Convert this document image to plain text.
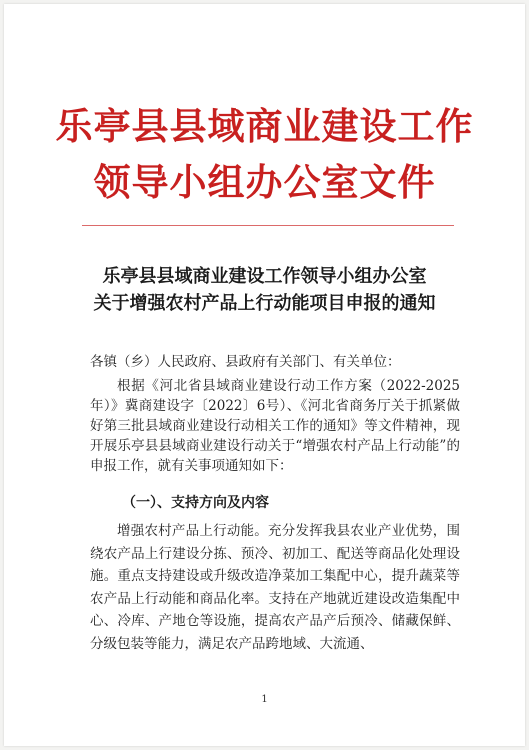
乐亭县县域商业建设工作
领导小组办公室文件
乐亭县县域商业建设工作领导小组办公室
关于增强农村产品上行动能项目申报的通知
各镇（乡）人民政府、县政府有关部门、有关单位：
根据《河北省县域商业建设行动工作方案（2022-2025年）》冀商建设字〔2022〕6号）、《河北省商务厅关于抓紧做好第三批县域商业建设行动相关工作的通知》等文件精神，现开展乐亭县县域商业建设行动关于“增强农村产品上行动能”的申报工作，就有关事项通知如下：
（一）、支持方向及内容
增强农村产品上行动能。充分发挥我县农业产业优势，围绕农产品上行建设分拣、预冷、初加工、配送等商品化处理设施。重点支持建设或升级改造净菜加工集配中心，提升蔬菜等农产品上行动能和商品化率。支持在产地就近建设改造集配中心、冷库、产地仓等设施，提高农产品产后预冷、储藏保鲜、分级包装等能力，满足农产品跨地域、大流通、
1
